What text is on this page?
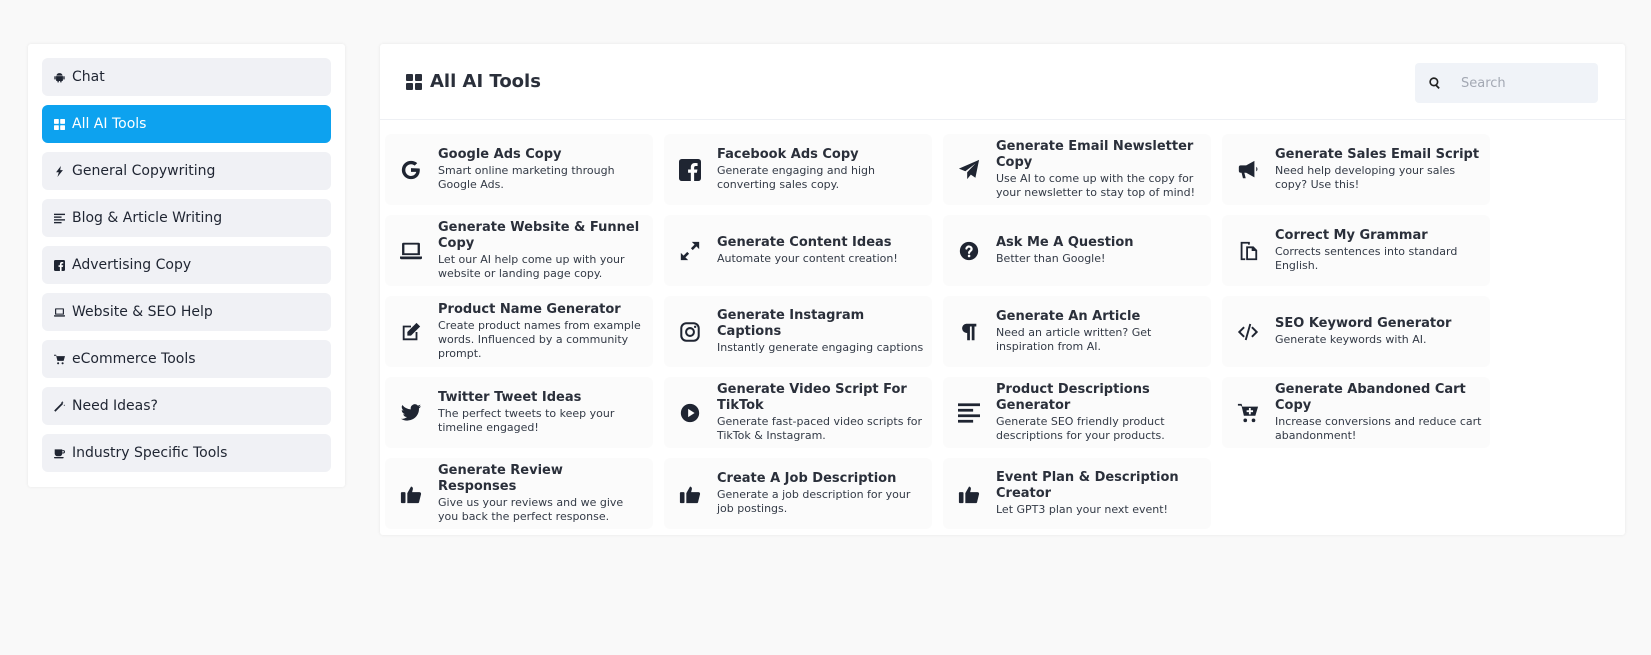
Chat
All AI Tools
General Copywriting
Blog & Article Writing
Advertising Copy
Website & SEO Help
eCommerce Tools
Need Ideas?
Industry Specific Tools
All AI Tools
Search
Google Ads Copy
Smart online marketing through Google Ads.
Facebook Ads Copy
Generate engaging and high converting sales copy.
Generate Email Newsletter Copy
Use AI to come up with the copy for your newsletter to stay top of mind!
Generate Sales Email Script
Need help developing your sales copy? Use this!
Generate Website & Funnel Copy
Let our AI help come up with your website or landing page copy.
Generate Content Ideas
Automate your content creation!
Ask Me A Question
Better than Google!
Correct My Grammar
Corrects sentences into standard English.
Product Name Generator
Create product names from example words. Influenced by a community prompt.
Generate Instagram Captions
Instantly generate engaging captions
Generate An Article
Need an article written? Get inspiration from AI.
SEO Keyword Generator
Generate keywords with AI.
Twitter Tweet Ideas
The perfect tweets to keep your timeline engaged!
Generate Video Script For TikTok
Generate fast-paced video scripts for TikTok & Instagram.
Product Descriptions Generator
Generate SEO friendly product descriptions for your products.
Generate Abandoned Cart Copy
Increase conversions and reduce cart abandonment!
Generate Review Responses
Give us your reviews and we give you back the perfect response.
Create A Job Description
Generate a job description for your job postings.
Event Plan & Description Creator
Let GPT3 plan your next event!
